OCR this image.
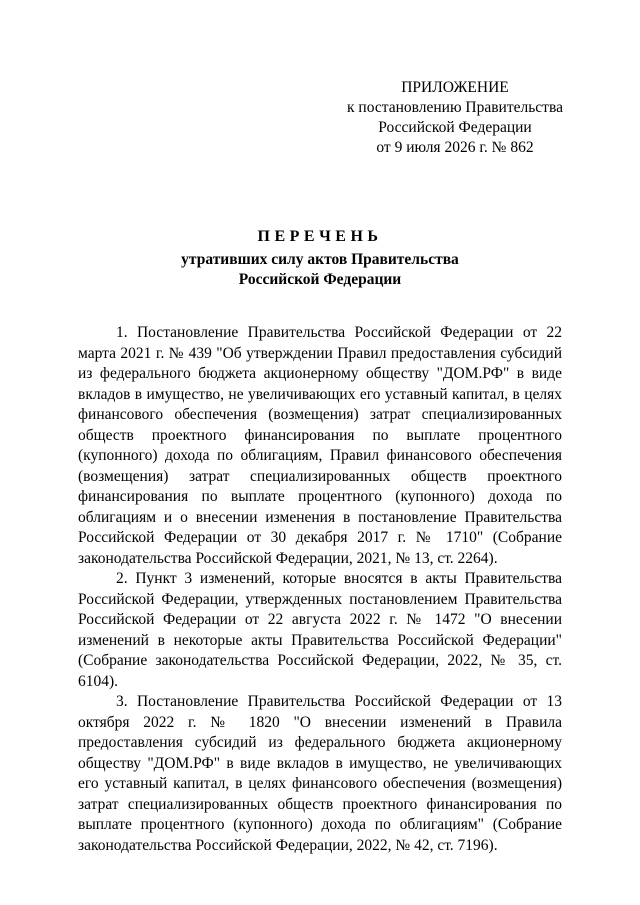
ПРИЛОЖЕНИЕ
к постановлению Правительства
Российской Федерации
от 9 июля 2026 г. № 862
ПЕРЕЧЕНЬ
утративших силу актов Правительства
Российской Федерации

1. Постановление Правительства Российской Федерации от 22 марта 2021 г. № 439 "Об утверждении Правил предоставления субсидий из федерального бюджета акционерному обществу "ДОМ.РФ" в виде вкладов в имущество, не увеличивающих его уставный капитал, в целях финансового обеспечения (возмещения) затрат специализированных обществ проектного финансирования по выплате процентного (купонного) дохода по облигациям, Правил финансового обеспечения (возмещения) затрат специализированных обществ проектного финансирования по выплате процентного (купонного) дохода по облигациям и о внесении изменения в постановление Правительства Российской Федерации от 30 декабря 2017 г. № 1710" (Собрание законодательства Российской Федерации, 2021, № 13, ст. 2264).

2. Пункт 3 изменений, которые вносятся в акты Правительства Российской Федерации, утвержденных постановлением Правительства Российской Федерации от 22 августа 2022 г. № 1472 "О внесении изменений в некоторые акты Правительства Российской Федерации" (Собрание законодательства Российской Федерации, 2022, № 35, ст. 6104).

3. Постановление Правительства Российской Федерации от 13 октября 2022 г. № 1820 "О внесении изменений в Правила предоставления субсидий из федерального бюджета акционерному обществу "ДОМ.РФ" в виде вкладов в имущество, не увеличивающих его уставный капитал, в целях финансового обеспечения (возмещения) затрат специализированных обществ проектного финансирования по выплате процентного (купонного) дохода по облигациям" (Собрание законодательства Российской Федерации, 2022, № 42, ст. 7196).
